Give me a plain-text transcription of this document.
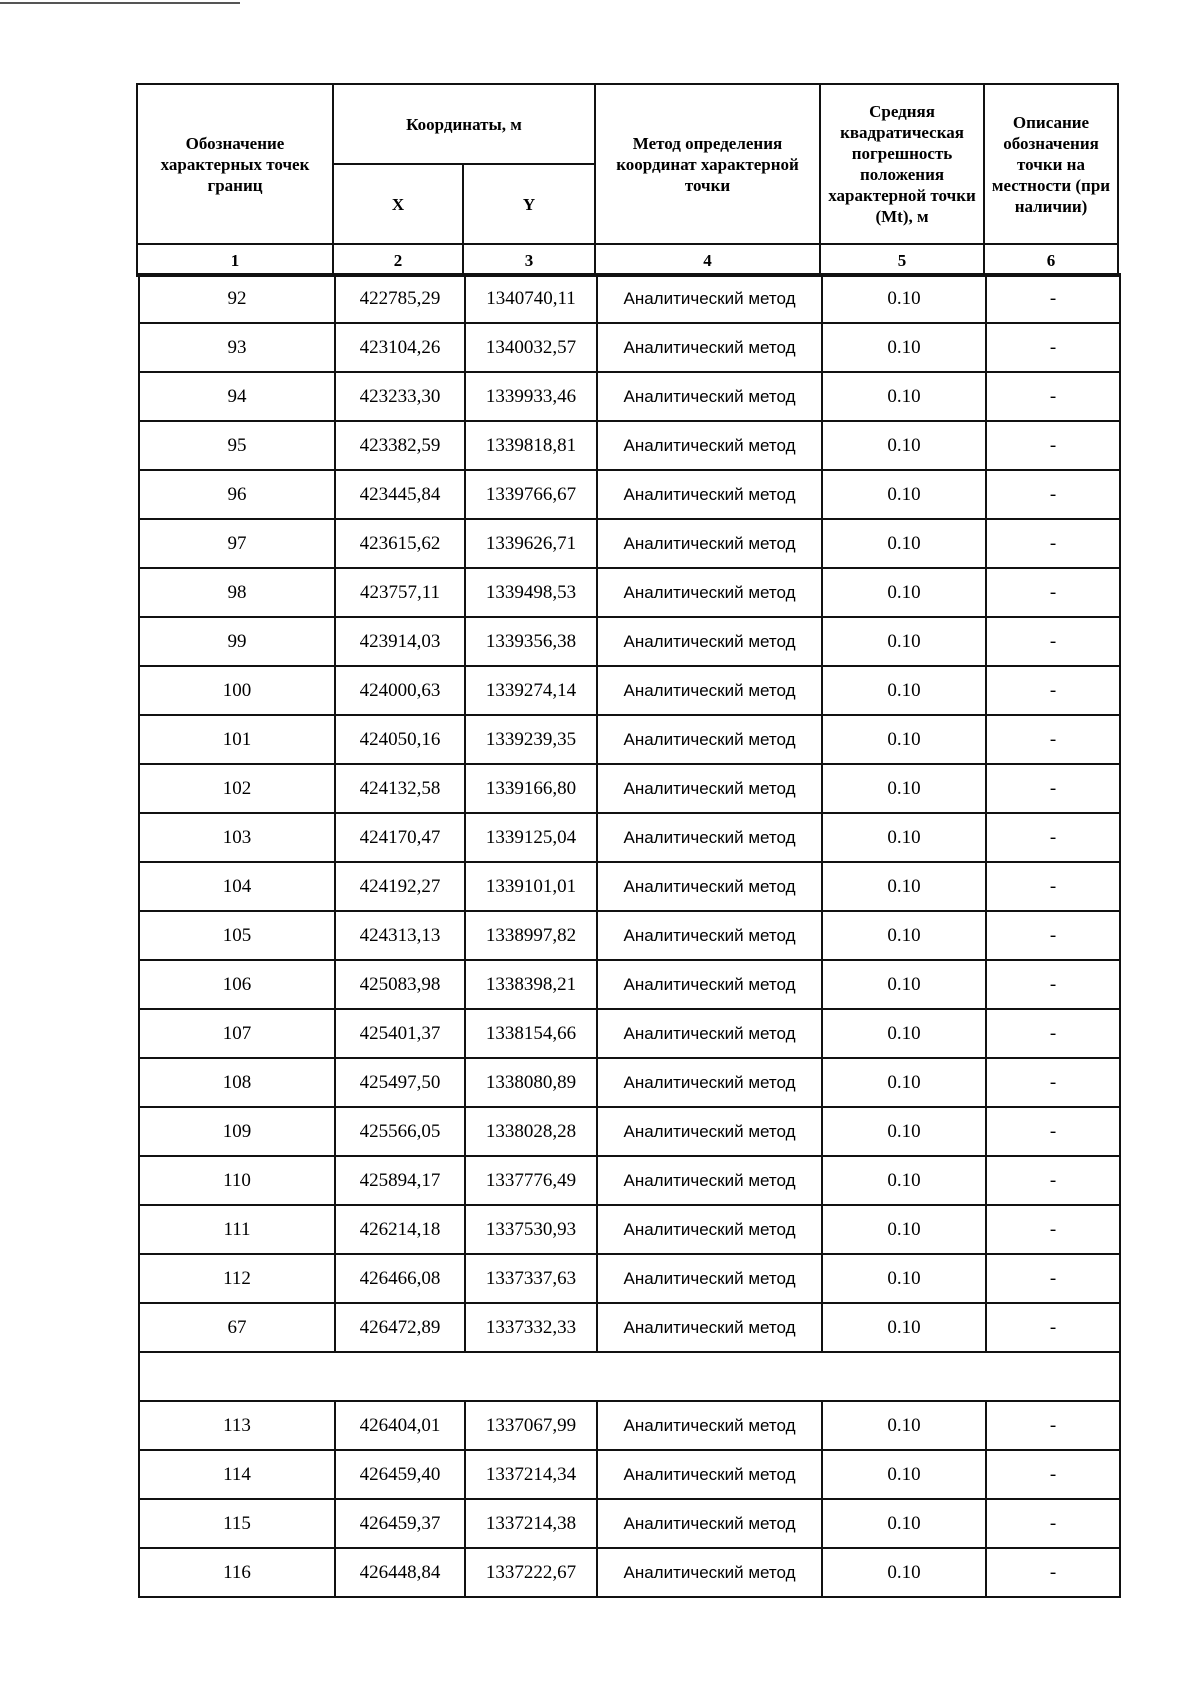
Обозначение характерных точек границ	Координаты, м		Метод определения координат характерной точки	Средняя квадратическая погрешность положения характерной точки (Mt), м	Описание обозначения точки на местности (при наличии)
	X	Y			
1	2	3	4	5	6
92	422785,29	1340740,11	Аналитический метод	0.10	-
93	423104,26	1340032,57	Аналитический метод	0.10	-
94	423233,30	1339933,46	Аналитический метод	0.10	-
95	423382,59	1339818,81	Аналитический метод	0.10	-
96	423445,84	1339766,67	Аналитический метод	0.10	-
97	423615,62	1339626,71	Аналитический метод	0.10	-
98	423757,11	1339498,53	Аналитический метод	0.10	-
99	423914,03	1339356,38	Аналитический метод	0.10	-
100	424000,63	1339274,14	Аналитический метод	0.10	-
101	424050,16	1339239,35	Аналитический метод	0.10	-
102	424132,58	1339166,80	Аналитический метод	0.10	-
103	424170,47	1339125,04	Аналитический метод	0.10	-
104	424192,27	1339101,01	Аналитический метод	0.10	-
105	424313,13	1338997,82	Аналитический метод	0.10	-
106	425083,98	1338398,21	Аналитический метод	0.10	-
107	425401,37	1338154,66	Аналитический метод	0.10	-
108	425497,50	1338080,89	Аналитический метод	0.10	-
109	425566,05	1338028,28	Аналитический метод	0.10	-
110	425894,17	1337776,49	Аналитический метод	0.10	-
111	426214,18	1337530,93	Аналитический метод	0.10	-
112	426466,08	1337337,63	Аналитический метод	0.10	-
67	426472,89	1337332,33	Аналитический метод	0.10	-

113	426404,01	1337067,99	Аналитический метод	0.10	-
114	426459,40	1337214,34	Аналитический метод	0.10	-
115	426459,37	1337214,38	Аналитический метод	0.10	-
116	426448,84	1337222,67	Аналитический метод	0.10	-
